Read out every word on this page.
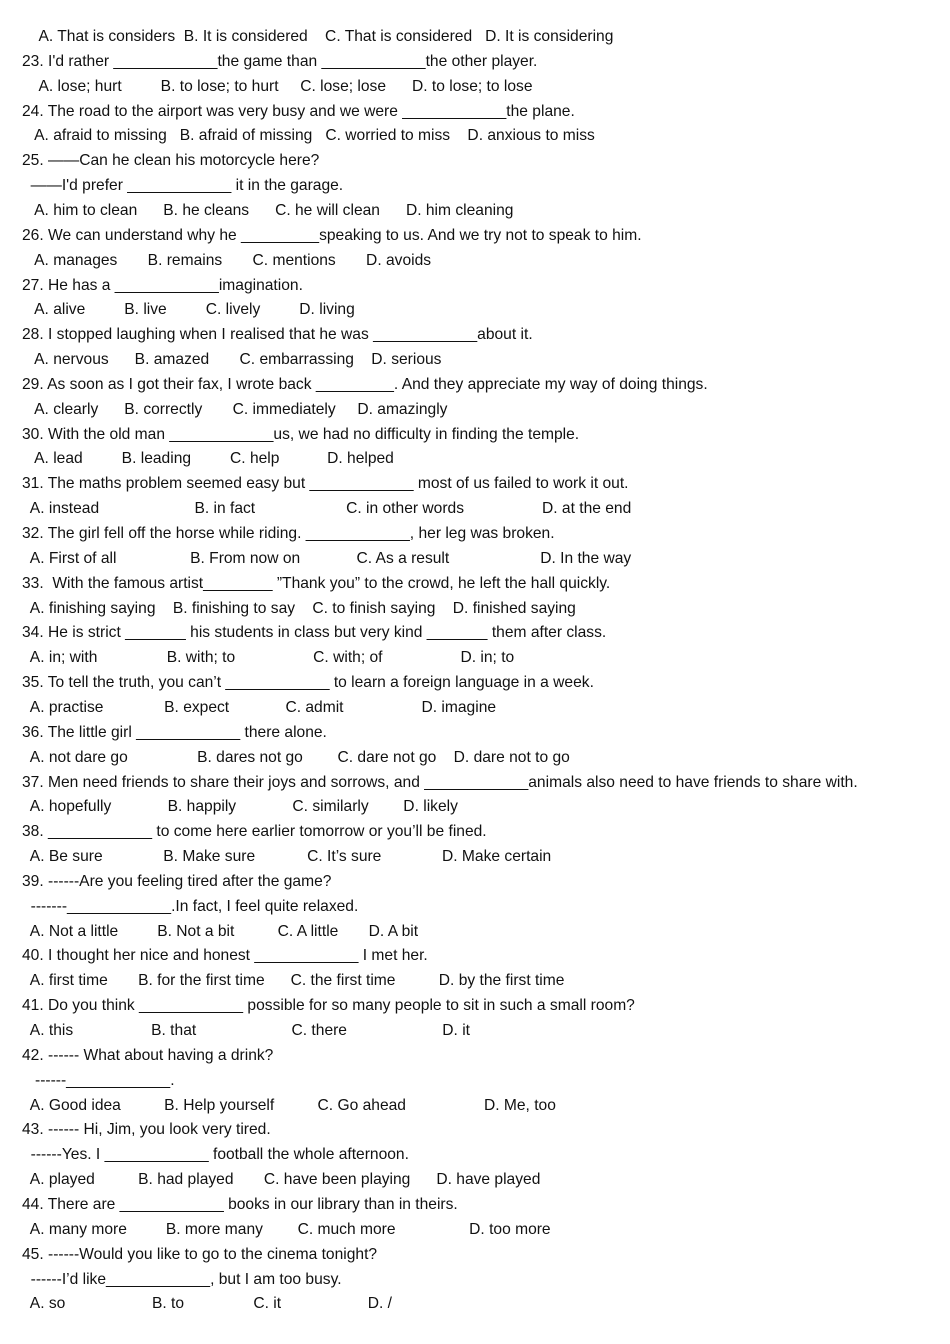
A. That is considers  B. It is considered    C. That is considered   D. It is considering
23. I'd rather ____________the game than ____________the other player.
A. lose; hurt         B. to lose; to hurt     C. lose; lose      D. to lose; to lose
24. The road to the airport was very busy and we were ____________the plane.
A. afraid to missing   B. afraid of missing   C. worried to miss    D. anxious to miss
25. ——Can he clean his motorcycle here?
——I'd prefer ____________ it in the garage.
A. him to clean      B. he cleans      C. he will clean      D. him cleaning
26. We can understand why he _________speaking to us. And we try not to speak to him.
A. manages       B. remains       C. mentions       D. avoids
27. He has a ____________imagination.
A. alive         B. live         C. lively         D. living
28. I stopped laughing when I realised that he was ____________about it.
A. nervous      B. amazed       C. embarrassing    D. serious
29. As soon as I got their fax, I wrote back _________. And they appreciate my way of doing things.
A. clearly      B. correctly       C. immediately     D. amazingly
30. With the old man ____________us, we had no difficulty in finding the temple.
A. lead         B. leading         C. help           D. helped
31. The maths problem seemed easy but ____________ most of us failed to work it out.
A. instead                      B. in fact                     C. in other words                  D. at the end
32. The girl fell off the horse while riding. ____________, her leg was broken.
A. First of all                 B. From now on             C. As a result                     D. In the way
33.  With the famous artist________ ”Thank you” to the crowd, he left the hall quickly.
A. finishing saying    B. finishing to say    C. to finish saying    D. finished saying
34. He is strict _______ his students in class but very kind _______ them after class.
A. in; with                B. with; to                  C. with; of                  D. in; to
35. To tell the truth, you can’t ____________ to learn a foreign language in a week.
A. practise              B. expect             C. admit                  D. imagine
36. The little girl ____________ there alone.
A. not dare go                B. dares not go        C. dare not go    D. dare not to go
37. Men need friends to share their joys and sorrows, and ____________animals also need to have friends to share with.
A. hopefully             B. happily             C. similarly        D. likely
38. ____________ to come here earlier tomorrow or you’ll be fined.
A. Be sure              B. Make sure            C. It’s sure              D. Make certain
39. ------Are you feeling tired after the game?
-------____________.In fact, I feel quite relaxed.
A. Not a little         B. Not a bit          C. A little       D. A bit
40. I thought her nice and honest ____________ I met her.
A. first time       B. for the first time      C. the first time          D. by the first time
41. Do you think ____________ possible for so many people to sit in such a small room?
A. this                  B. that                      C. there                      D. it
42. ------ What about having a drink?
------____________.
A. Good idea          B. Help yourself          C. Go ahead                  D. Me, too
43. ------ Hi, Jim, you look very tired.
------Yes. I ____________ football the whole afternoon.
A. played          B. had played       C. have been playing      D. have played
44. There are ____________ books in our library than in theirs.
A. many more         B. more many        C. much more                 D. too more
45. ------Would you like to go to the cinema tonight?
------I’d like____________, but I am too busy.
A. so                    B. to                C. it                    D. /
